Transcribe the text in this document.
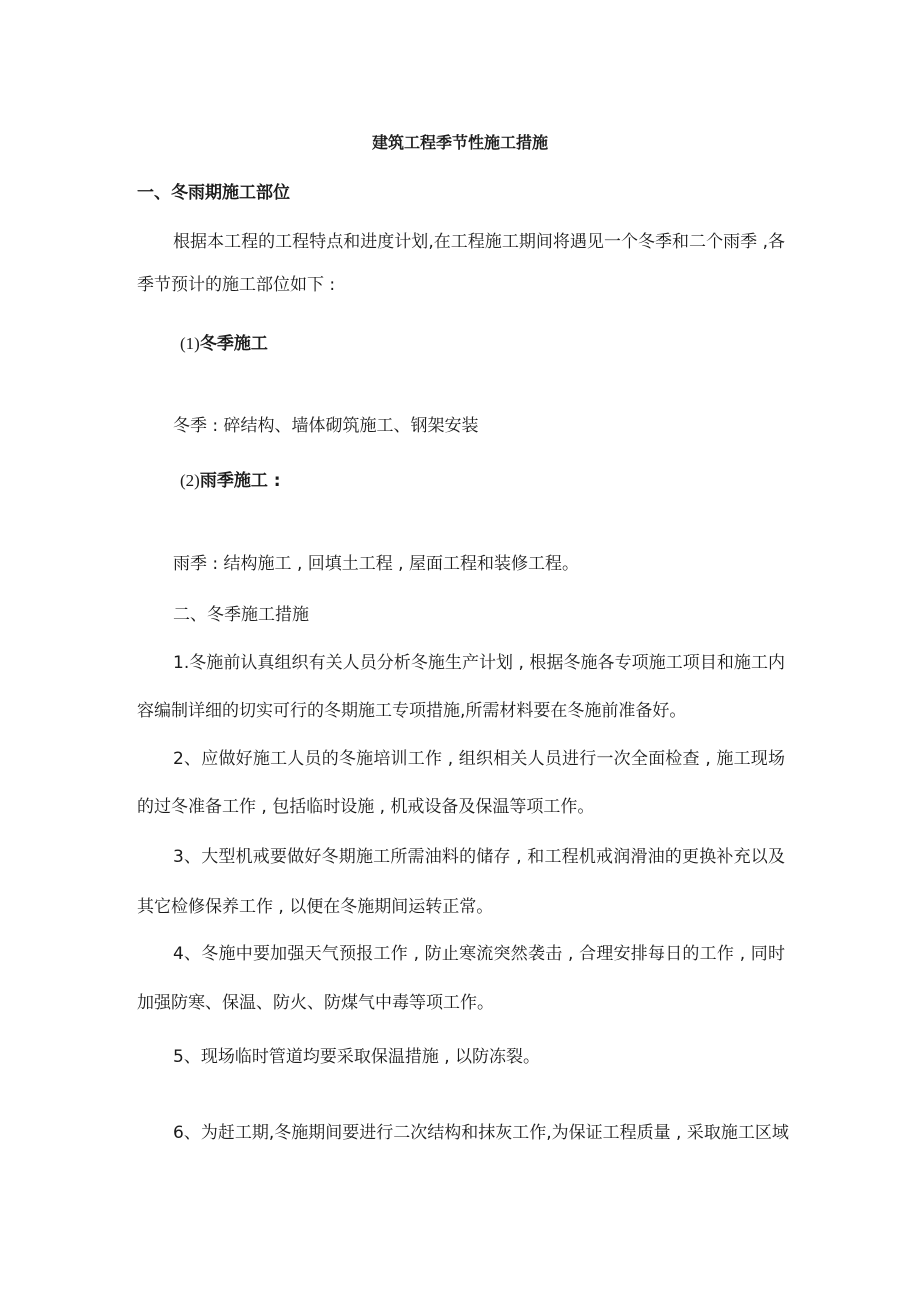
建筑工程季节性施工措施
一、冬雨期施工部位
根据本工程的工程特点和进度计划,在工程施工期间将遇见一个冬季和二个雨季 ,各
季节预计的施工部位如下 :
(1)冬季施工
冬季 : 碎结构、墙体砌筑施工、钢架安装
(2)雨季施工 :
雨季 : 结构施工 , 回填土工程 , 屋面工程和装修工程。
二、冬季施工措施
1.冬施前认真组织有关人员分析冬施生产计划 , 根据冬施各专项施工项目和施工内
容编制详细的切实可行的冬期施工专项措施,所需材料要在冬施前准备好。
2、应做好施工人员的冬施培训工作 , 组织相关人员进行一次全面检查 , 施工现场
的过冬准备工作 , 包括临时设施 , 机戒设备及保温等项工作。
3、大型机戒要做好冬期施工所需油料的储存 , 和工程机戒润滑油的更换补充以及
其它检修保养工作 , 以便在冬施期间运转正常。
4、冬施中要加强天气预报工作 , 防止寒流突然袭击 , 合理安排每日的工作 , 同时
加强防寒、保温、防火、防煤气中毒等项工作。
5、现场临时管道均要采取保温措施 , 以防冻裂。
6、为赶工期,冬施期间要进行二次结构和抹灰工作,为保证工程质量 , 采取施工区域
